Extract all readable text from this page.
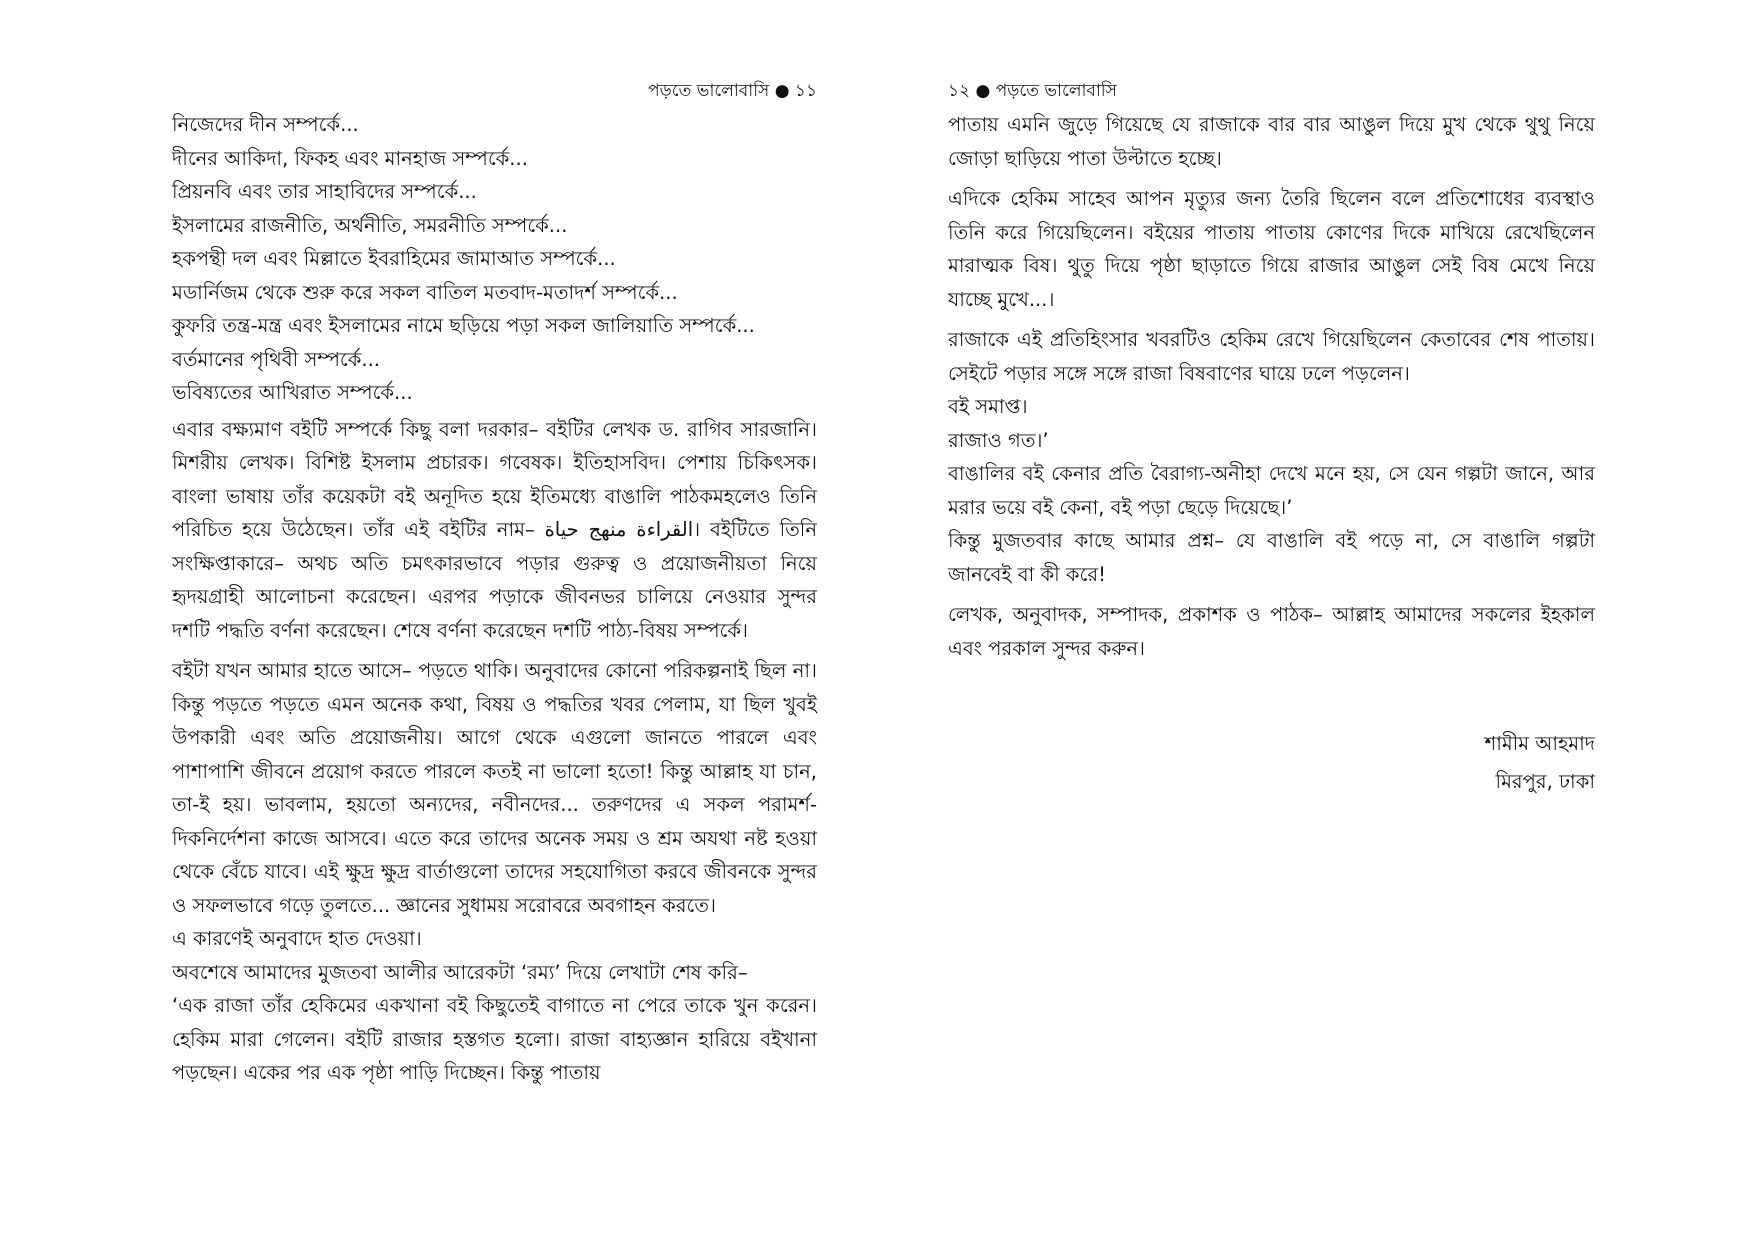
পড়তে ভালোবাসি ● ১১
নিজেদের দীন সম্পর্কে...
দীনের আকিদা, ফিকহ এবং মানহাজ সম্পর্কে...
প্রিয়নবি এবং তার সাহাবিদের সম্পর্কে...
ইসলামের রাজনীতি, অর্থনীতি, সমরনীতি সম্পর্কে...
হকপন্থী দল এবং মিল্লাতে ইবরাহিমের জামাআত সম্পর্কে...
মডার্নিজম থেকে শুরু করে সকল বাতিল মতবাদ-মতাদর্শ সম্পর্কে...
কুফরি তন্ত্র-মন্ত্র এবং ইসলামের নামে ছড়িয়ে পড়া সকল জালিয়াতি সম্পর্কে...
বর্তমানের পৃথিবী সম্পর্কে...
ভবিষ্যতের আখিরাত সম্পর্কে...
এবার বক্ষ্যমাণ বইটি সম্পর্কে কিছু বলা দরকার– বইটির লেখক ড. রাগিব সারজানি। মিশরীয় লেখক। বিশিষ্ট ইসলাম প্রচারক। গবেষক। ইতিহাসবিদ। পেশায় চিকিৎসক। বাংলা ভাষায় তাঁর কয়েকটা বই অনূদিত হয়ে ইতিমধ্যে বাঙালি পাঠকমহলেও তিনি পরিচিত হয়ে উঠেছেন। তাঁর এই বইটির নাম– القراءة منهج حياة। বইটিতে তিনি সংক্ষিপ্তাকারে– অথচ অতি চমৎকারভাবে পড়ার গুরুত্ব ও প্রয়োজনীয়তা নিয়ে হৃদয়গ্রাহী আলোচনা করেছেন। এরপর পড়াকে জীবনভর চালিয়ে নেওয়ার সুন্দর দশটি পদ্ধতি বর্ণনা করেছেন। শেষে বর্ণনা করেছেন দশটি পাঠ্য-বিষয় সম্পর্কে।
বইটা যখন আমার হাতে আসে– পড়তে থাকি। অনুবাদের কোনো পরিকল্পনাই ছিল না। কিন্তু পড়তে পড়তে এমন অনেক কথা, বিষয় ও পদ্ধতির খবর পেলাম, যা ছিল খুবই উপকারী এবং অতি প্রয়োজনীয়। আগে থেকে এগুলো জানতে পারলে এবং পাশাপাশি জীবনে প্রয়োগ করতে পারলে কতই না ভালো হতো! কিন্তু আল্লাহ যা চান, তা-ই হয়। ভাবলাম, হয়তো অন্যদের, নবীনদের... তরুণদের এ সকল পরামর্শ-দিকনির্দেশনা কাজে আসবে। এতে করে তাদের অনেক সময় ও শ্রম অযথা নষ্ট হওয়া থেকে বেঁচে যাবে। এই ক্ষুদ্র ক্ষুদ্র বার্তাগুলো তাদের সহযোগিতা করবে জীবনকে সুন্দর ও সফলভাবে গড়ে তুলতে... জ্ঞানের সুধাময় সরোবরে অবগাহন করতে।
এ কারণেই অনুবাদে হাত দেওয়া।
অবশেষে আমাদের মুজতবা আলীর আরেকটা ‘রম্য’ দিয়ে লেখাটা শেষ করি–
‘এক রাজা তাঁর হেকিমের একখানা বই কিছুতেই বাগাতে না পেরে তাকে খুন করেন। হেকিম মারা গেলেন। বইটি রাজার হস্তগত হলো। রাজা বাহ্যজ্ঞান হারিয়ে বইখানা পড়ছেন। একের পর এক পৃষ্ঠা পাড়ি দিচ্ছেন। কিন্তু পাতায়
১২ ● পড়তে ভালোবাসি
পাতায় এমনি জুড়ে গিয়েছে যে রাজাকে বার বার আঙুল দিয়ে মুখ থেকে থুথু নিয়ে জোড়া ছাড়িয়ে পাতা উল্টাতে হচ্ছে।
এদিকে হেকিম সাহেব আপন মৃত্যুর জন্য তৈরি ছিলেন বলে প্রতিশোধের ব্যবস্থাও তিনি করে গিয়েছিলেন। বইয়ের পাতায় পাতায় কোণের দিকে মাখিয়ে রেখেছিলেন মারাত্মক বিষ। থুতু দিয়ে পৃষ্ঠা ছাড়াতে গিয়ে রাজার আঙুল সেই বিষ মেখে নিয়ে যাচ্ছে মুখে...।
রাজাকে এই প্রতিহিংসার খবরটিও হেকিম রেখে গিয়েছিলেন কেতাবের শেষ পাতায়। সেইটে পড়ার সঙ্গে সঙ্গে রাজা বিষবাণের ঘায়ে ঢলে পড়লেন।
বই সমাপ্ত।
রাজাও গত।’
বাঙালির বই কেনার প্রতি বৈরাগ্য-অনীহা দেখে মনে হয়, সে যেন গল্পটা জানে, আর মরার ভয়ে বই কেনা, বই পড়া ছেড়ে দিয়েছে।’
কিন্তু মুজতবার কাছে আমার প্রশ্ন– যে বাঙালি বই পড়ে না, সে বাঙালি গল্পটা জানবেই বা কী করে!
লেখক, অনুবাদক, সম্পাদক, প্রকাশক ও পাঠক– আল্লাহ আমাদের সকলের ইহকাল এবং পরকাল সুন্দর করুন।
শামীম আহমাদ
মিরপুর, ঢাকা
